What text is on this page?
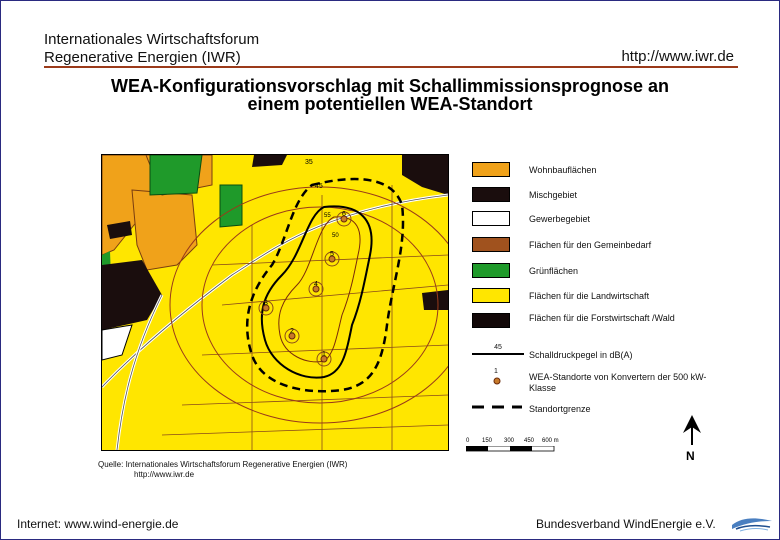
Internationales Wirtschaftsforum
Regenerative Energien (IWR)	http://www.iwr.de
WEA-Konfigurationsvorschlag mit Schallimmissionsprognose an
einem potentiellen WEA-Standort
35
45
55
50
6
5
4
3
2
1
Wohnbauflächen
Mischgebiet
Gewerbegebiet
Flächen für den Gemeinbedarf
Grünflächen
Flächen für die Landwirtschaft
Flächen für die Forstwirtschaft /Wald
45
Schalldruckpegel in dB(A)
1
WEA-Standorte von Konvertern der 500 kW-Klasse
Standortgrenze
0 150 300 450 600 m
N
Quelle: Internationales Wirtschaftsforum Regenerative Energien (IWR)
http://www.iwr.de
Internet: www.wind-energie.de	Bundesverband WindEnergie e.V.
